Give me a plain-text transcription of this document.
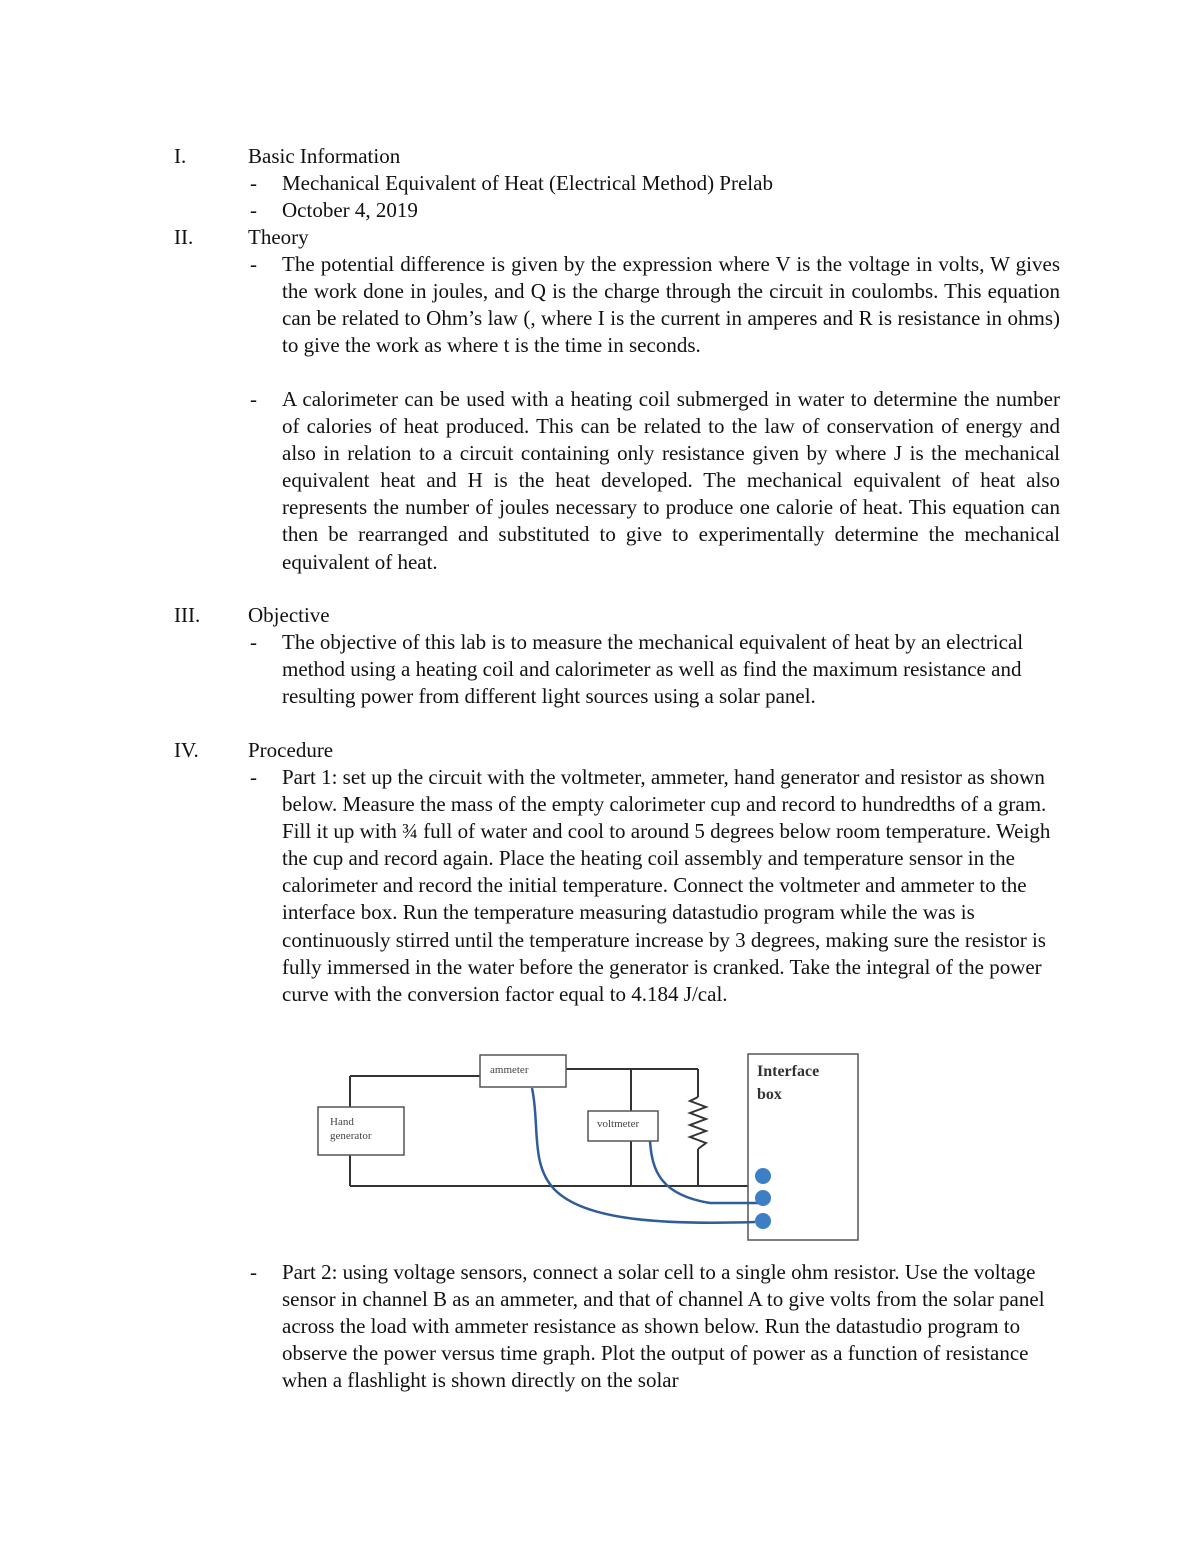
I.	Basic Information
- Mechanical Equivalent of Heat (Electrical Method) Prelab
- October 4, 2019
II.	Theory
- The potential difference is given by the expression where V is the voltage in volts, W gives the work done in joules, and Q is the charge through the circuit in coulombs. This equation can be related to Ohm’s law (, where I is the current in amperes and R is resistance in ohms) to give the work as where t is the time in seconds.
- A calorimeter can be used with a heating coil submerged in water to determine the number of calories of heat produced. This can be related to the law of conservation of energy and also in relation to a circuit containing only resistance given by where J is the mechanical equivalent heat and H is the heat developed. The mechanical equivalent of heat also represents the number of joules necessary to produce one calorie of heat. This equation can then be rearranged and substituted to give to experimentally determine the mechanical equivalent of heat.
III. Objective
- The objective of this lab is to measure the mechanical equivalent of heat by an electrical method using a heating coil and calorimeter as well as find the maximum resistance and resulting power from different light sources using a solar panel.
IV. Procedure
- Part 1: set up the circuit with the voltmeter, ammeter, hand generator and resistor as shown below. Measure the mass of the empty calorimeter cup and record to hundredths of a gram. Fill it up with ¾ full of water and cool to around 5 degrees below room temperature. Weigh the cup and record again. Place the heating coil assembly and temperature sensor in the calorimeter and record the initial temperature. Connect the voltmeter and ammeter to the interface box. Run the temperature measuring datastudio program while the was is continuously stirred until the temperature increase by 3 degrees, making sure the resistor is fully immersed in the water before the generator is cranked. Take the integral of the power curve with the conversion factor equal to 4.184 J/cal.
ammeter
voltmeter
Hand
generator
Interface
box
- Part 2: using voltage sensors, connect a solar cell to a single ohm resistor. Use the voltage sensor in channel B as an ammeter, and that of channel A to give volts from the solar panel across the load with ammeter resistance as shown below. Run the datastudio program to observe the power versus time graph. Plot the output of power as a function of resistance when a flashlight is shown directly on the solar
